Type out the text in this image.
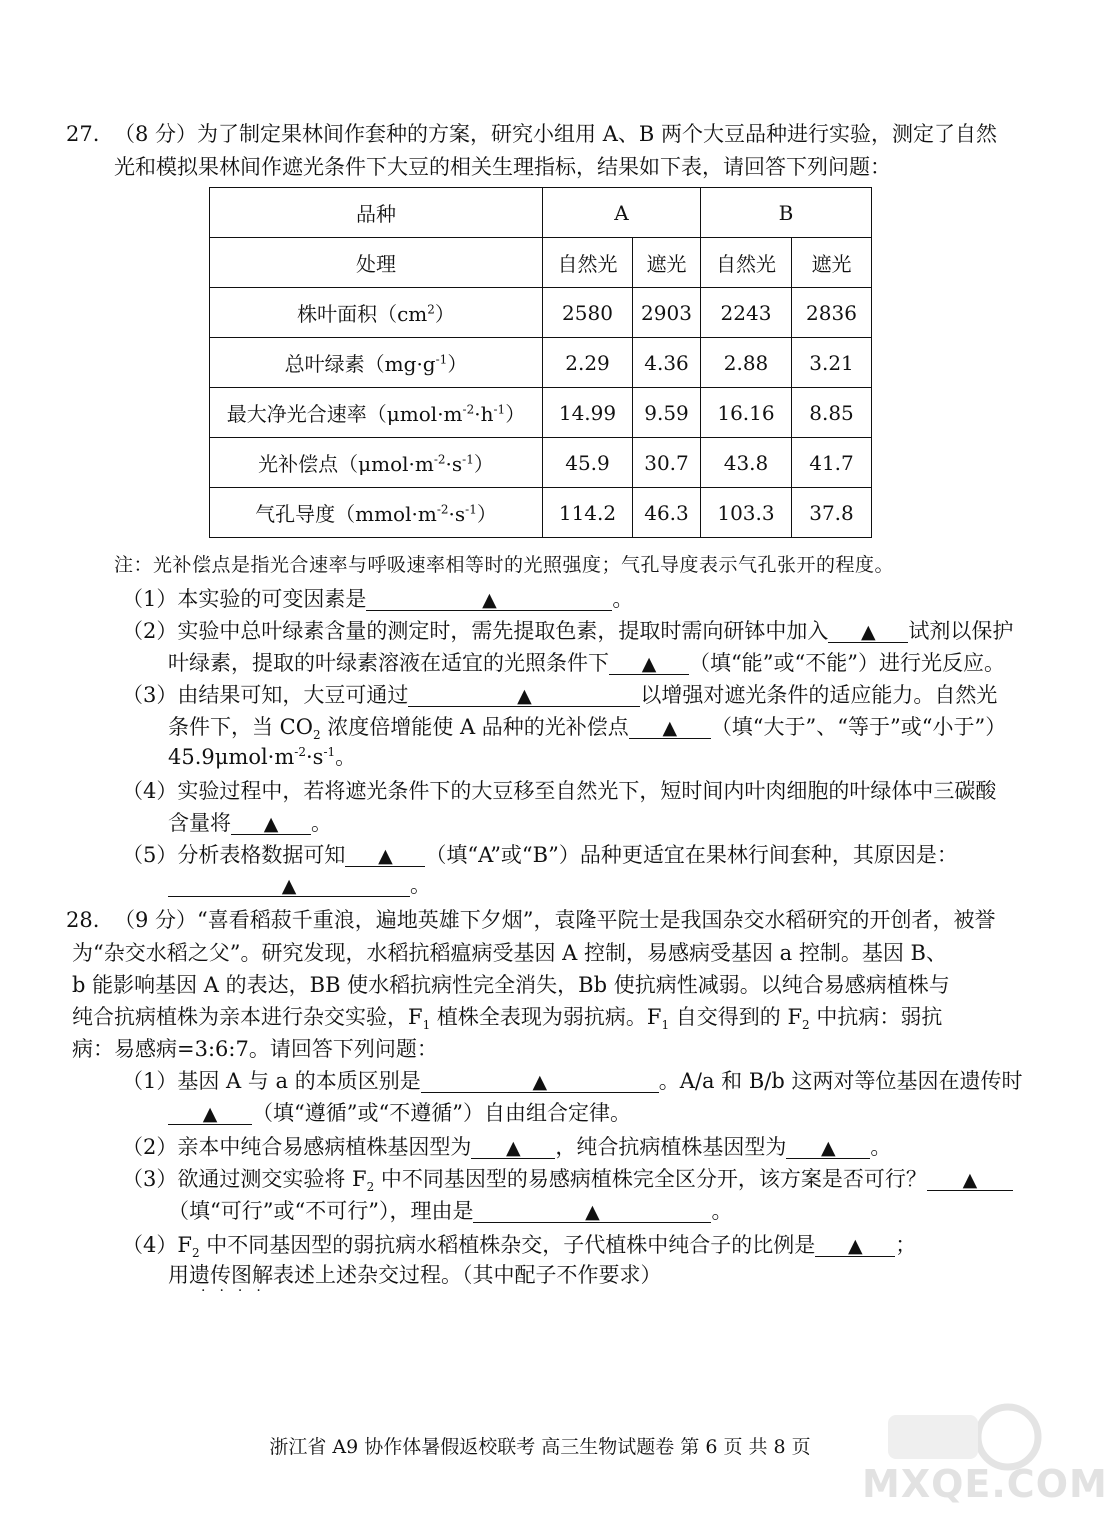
27. （8 分）为了制定果林间作套种的方案，研究小组用 A、B 两个大豆品种进行实验，测定了自然
光和模拟果林间作遮光条件下大豆的相关生理指标，结果如下表，请回答下列问题：
品种	A		B	
处理	自然光	遮光	自然光	遮光
株叶面积$(cm^2)$	2580	2903	2243	2836
总叶绿素$(mg\cdot g^{-1})$	2.29	4.36	2.88	3.21
最大净光合速率$(\mu mol\cdot m^{-2}\cdot h^{-1})$	14.99	9.59	16.16	8.85
光补偿点$(\mu mol\cdot m^{-2}\cdot s^{-1})$	45.9	30.7	43.8	41.7
气孔导度$(mmol\cdot m^{-2}\cdot s^{-1})$	114.2	46.3	103.3	37.8
注：光补偿点是指光合速率与呼吸速率相等时的光照强度；气孔导度表示气孔张开的程度。
（1）本实验的可变因素是	▲	。
（2）实验中总叶绿素含量的测定时，需先提取色素，提取时需向研钵中加入 ▲ 试剂以保护
叶绿素，提取的叶绿素溶液在适宜的光照条件下 ▲ （填“能”或“不能”）进行光反应。
（3）由结果可知，大豆可通过	▲	以增强对遮光条件的适应能力。自然光
条件下，当 $CO_2$ 浓度倍增能使 A 品种的光补偿点 ▲ （填“大于”、“等于”或“小于”）
$45.9\mu mol\cdot m^{-2}\cdot s^{-1}$。
（4）实验过程中，若将遮光条件下的大豆移至自然光下，短时间内叶肉细胞的叶绿体中三碳酸
含量将 ▲ 。
（5）分析表格数据可知 ▲ （填“A”或“B”）品种更适宜在果林行间套种，其原因是：
▲	。
28. （9 分）“喜看稻菽千重浪，遍地英雄下夕烟”，袁隆平院士是我国杂交水稻研究的开创者，被誉
为“杂交水稻之父”。研究发现，水稻抗稻瘟病受基因 A 控制，易感病受基因 a 控制。基因 B、
b 能影响基因 A 的表达，BB 使水稻抗病性完全消失，Bb 使抗病性减弱。以纯合易感病植株与
纯合抗病植株为亲本进行杂交实验，$F_1$ 植株全表现为弱抗病。$F_1$ 自交得到的 $F_2$ 中抗病：弱抗
病：易感病=3:6:7。请回答下列问题：
（1）基因 A 与 a 的本质区别是	▲	。A/a 和 B/b 这两对等位基因在遗传时
▲ （填“遵循”或“不遵循”）自由组合定律。
（2）亲本中纯合易感病植株基因型为 ▲ ，纯合抗病植株基因型为 ▲ 。
（3）欲通过测交实验将 $F_2$ 中不同基因型的易感病植株完全区分开，该方案是否可行？ ▲
（填“可行”或“不可行”），理由是	▲	。
$(4)F_2$ 中不同基因型的弱抗病水稻植株杂交，子代植株中纯合子的比例是 ▲ ；
用遗传图解表述上述杂交过程。（其中配子不作要求）
····
浙江省 A9 协作体暑假返校联考 高三生物试题卷 第 6 页 共 8 页
MXQE.COM
